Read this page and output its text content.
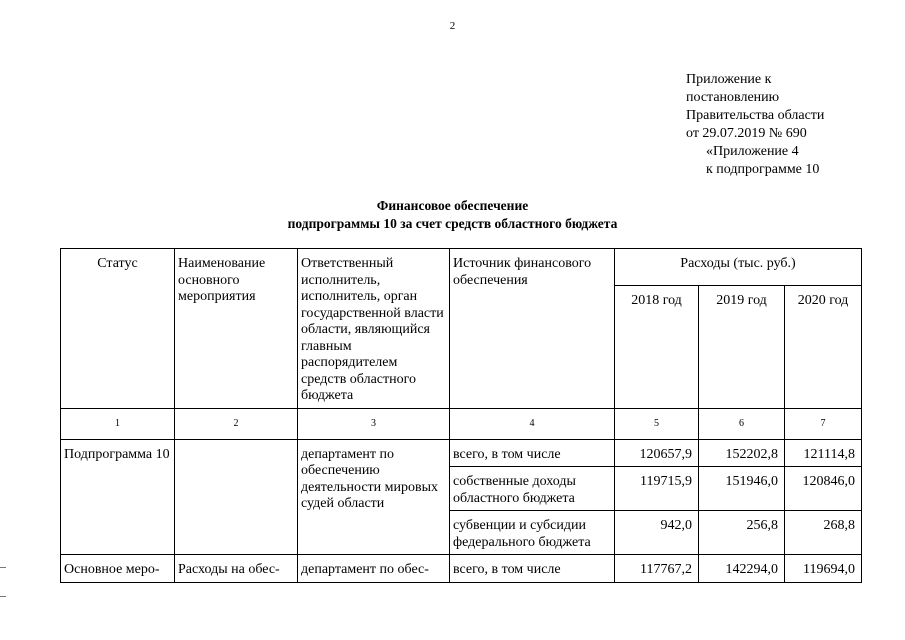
2
Приложение к
постановлению
Правительства области
от 29.07.2019 № 690
«Приложение 4
к подпрограмме 10
Финансовое обеспечение
подпрограммы 10 за счет средств областного бюджета
Статус	Наименование основного мероприятия	Ответственный исполнитель, исполнитель, орган государственной власти области, являющийся главным распорядителем средств областного бюджета	Источник финансового обеспечения	Расходы (тыс. руб.)		
				2018 год	2019 год	2020 год
1	2	3	4	5	6	7
Подпрограмма 10		департамент по обеспечению деятельности мировых судей области	всего, в том числе	120657,9	152202,8	121114,8
			собственные доходы областного бюджета	119715,9	151946,0	120846,0
			субвенции и субсидии федерального бюджета	942,0	256,8	268,8
Основное меро-	Расходы на обес-	департамент по обес-	всего, в том числе	117767,2	142294,0	119694,0
